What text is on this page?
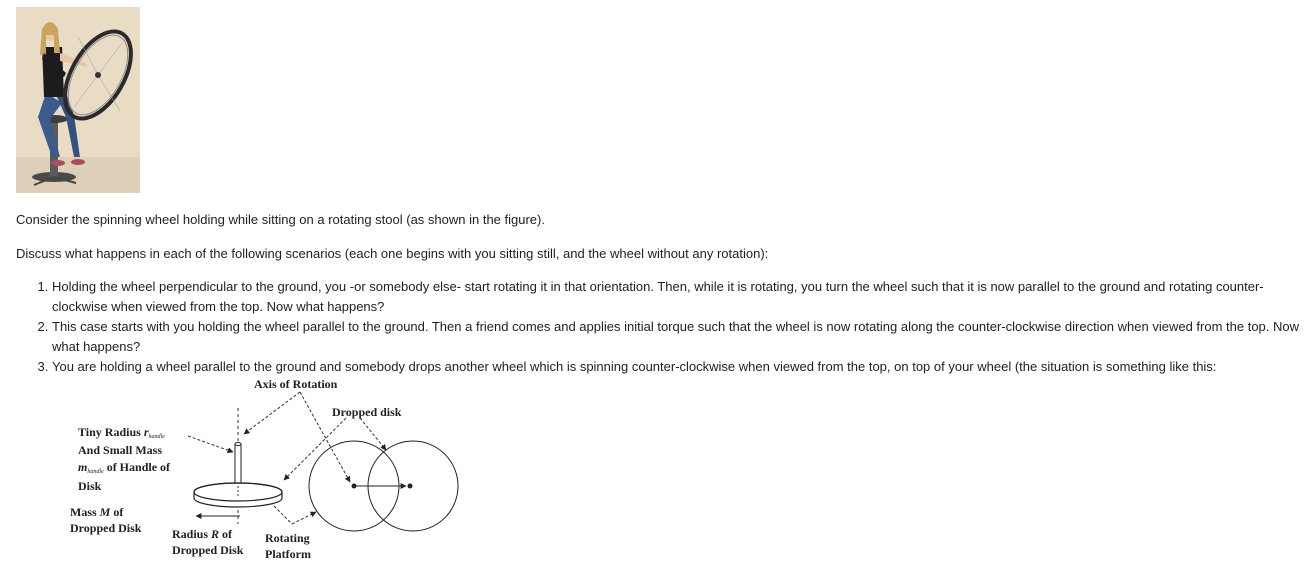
Consider the spinning wheel holding while sitting on a rotating stool (as shown in the figure).

Discuss what happens in each of the following scenarios (each one begins with you sitting still, and the wheel without any rotation):

1. Holding the wheel perpendicular to the ground, you -or somebody else- start rotating it in that orientation. Then, while it is rotating, you turn the wheel such that it is now parallel to the ground and rotating counter-clockwise when viewed from the top. Now what happens?
2. This case starts with you holding the wheel parallel to the ground. Then a friend comes and applies initial torque such that the wheel is now rotating along the counter-clockwise direction when viewed from the top. Now what happens?
3. You are holding a wheel parallel to the ground and somebody drops another wheel which is spinning counter-clockwise when viewed from the top, on top of your wheel (the situation is something like this:
Axis of Rotation
Dropped disk
Tiny Radius rhandle
And Small Mass
mhandle of Handle of
Disk
Mass M of
Dropped Disk	Radius R of
Dropped Disk
Rotating
Platform
